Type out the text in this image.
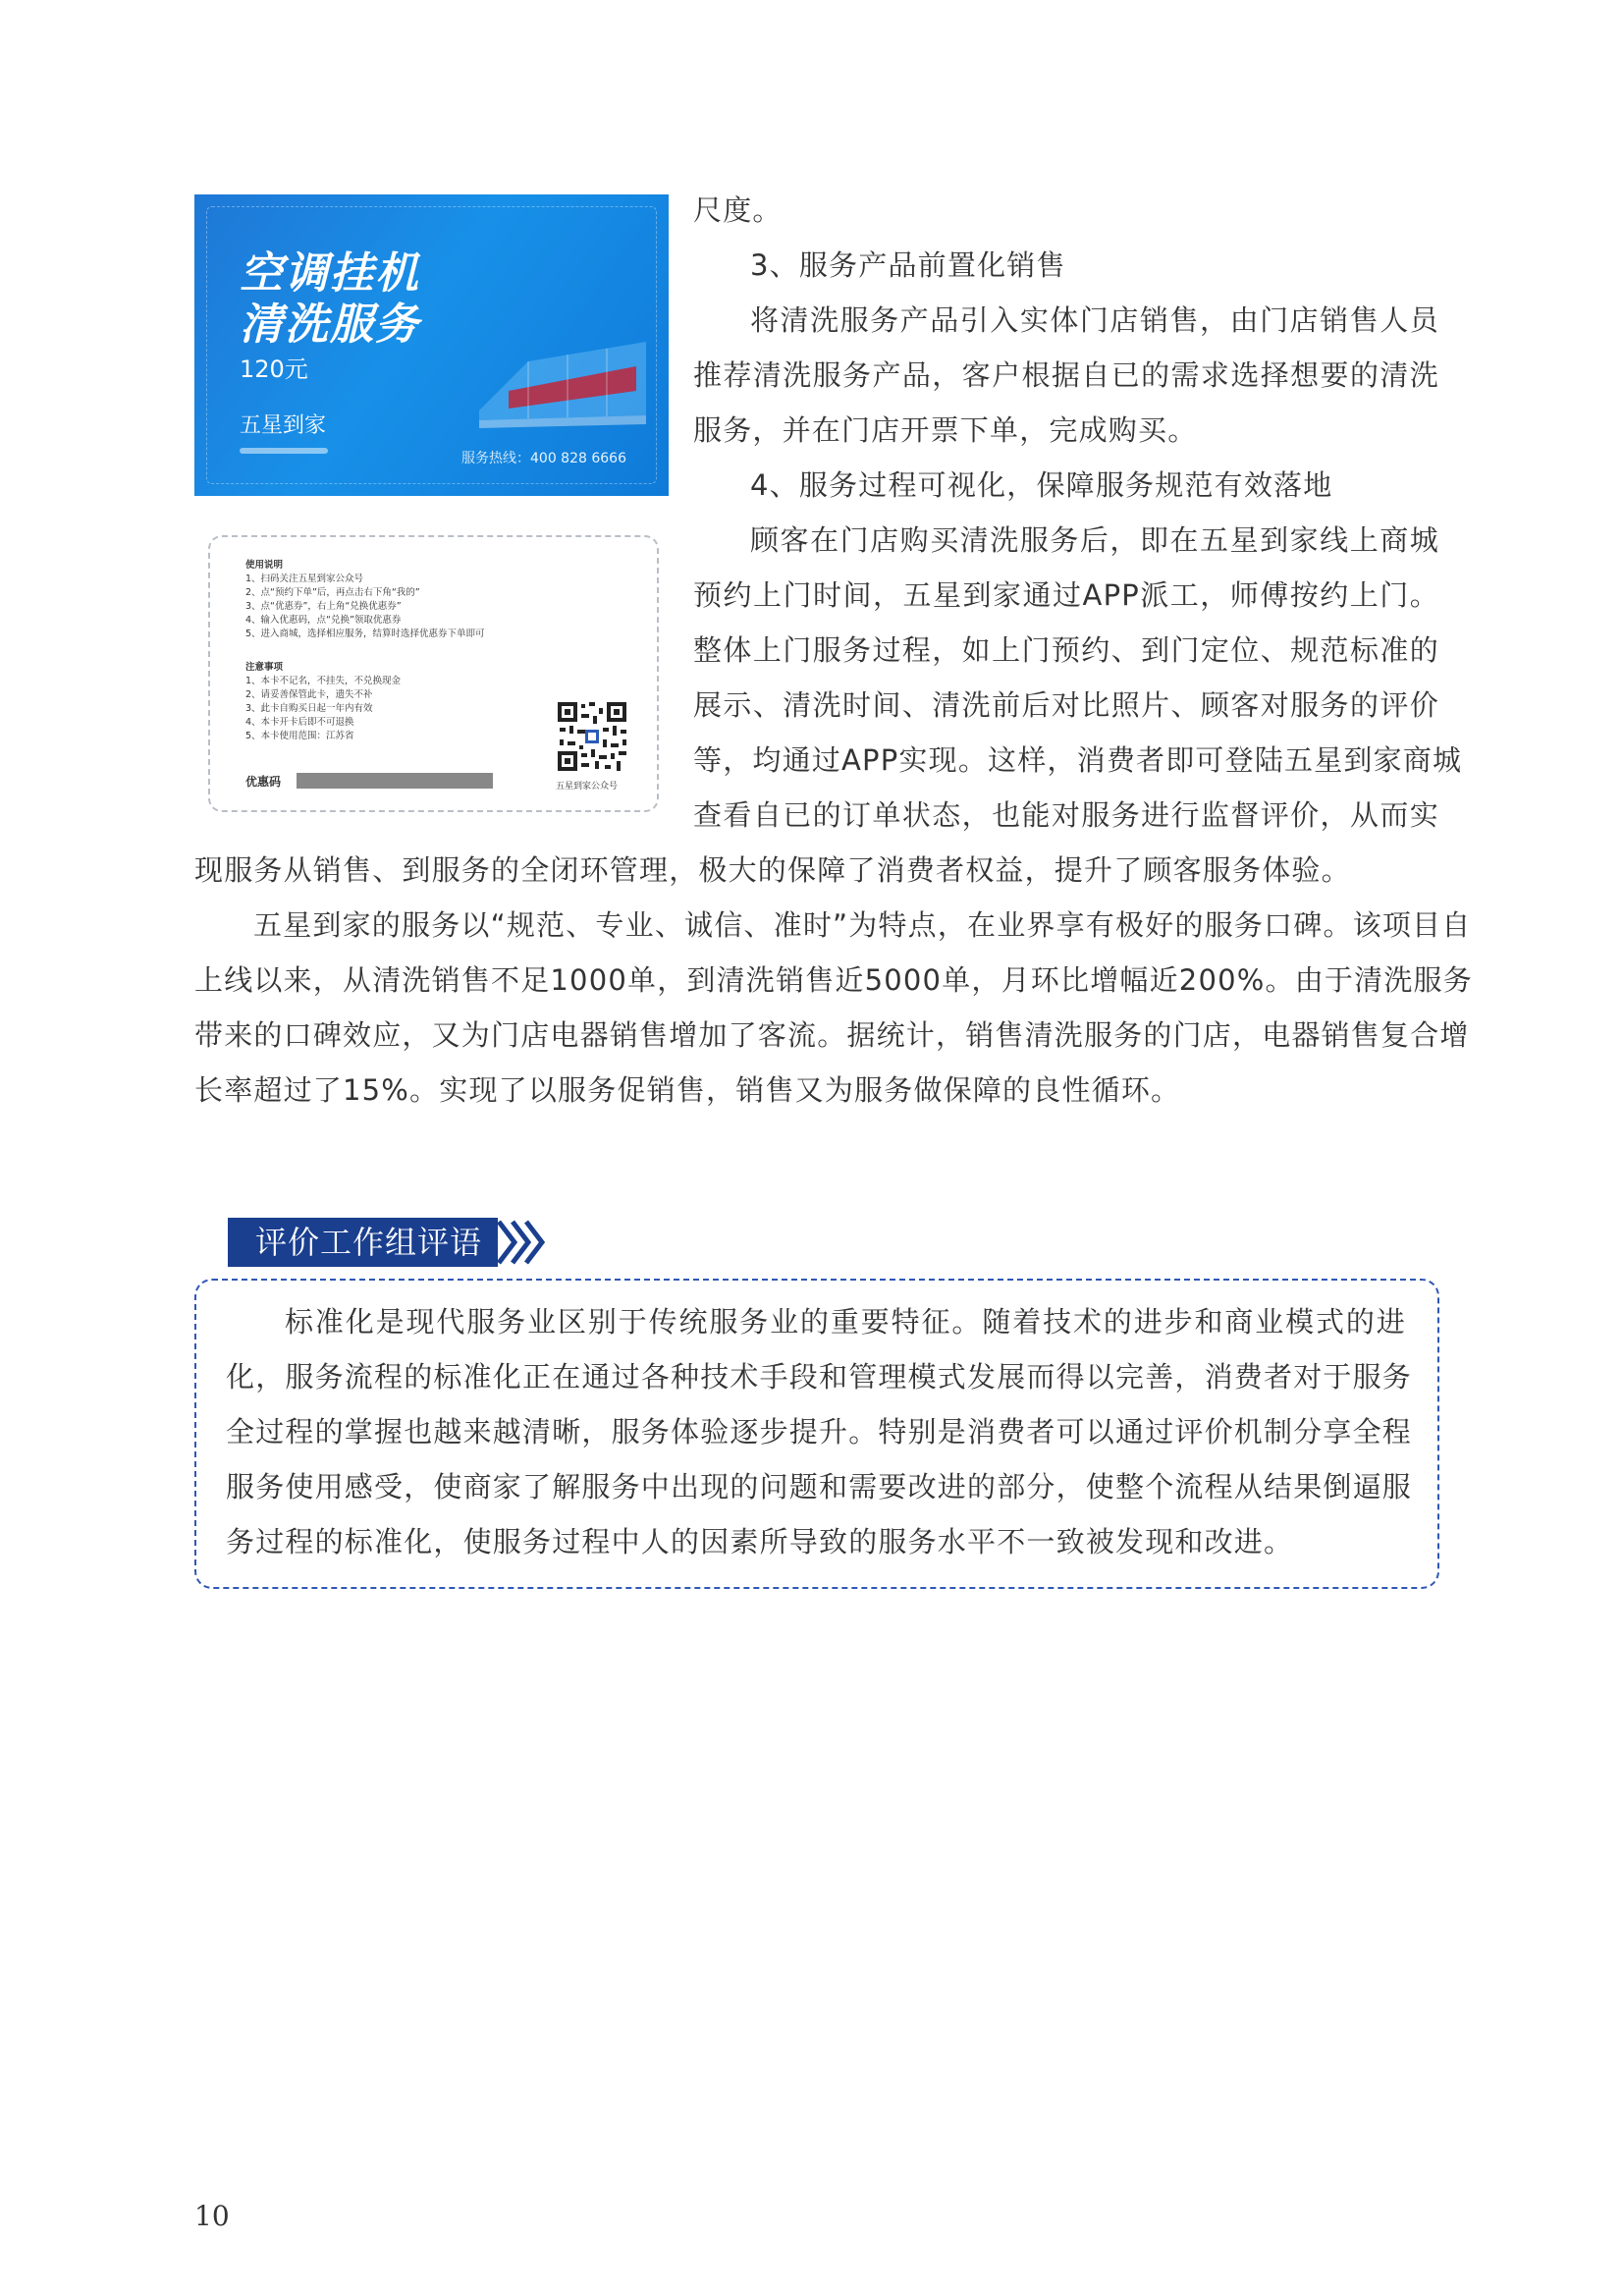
空调挂机
清洗服务
120元
五星到家
服务热线：400 828 6666
使用说明
1、扫码关注五星到家公众号
2、点“预约下单”后，再点击右下角“我的”
3、点“优惠券”，右上角“兑换优惠券”
4、输入优惠码，点“兑换”领取优惠券
5、进入商城，选择相应服务，结算时选择优惠券下单即可
注意事项
1、本卡不记名，不挂失，不兑换现金
2、请妥善保管此卡，遗失不补
3、此卡自购买日起一年内有效
4、本卡开卡后即不可退换
5、本卡使用范围：江苏省
五星到家公众号
优惠码

尺度。

3、服务产品前置化销售

将清洗服务产品引入实体门店销售，由门店销售人员

推荐清洗服务产品，客户根据自已的需求选择想要的清洗

服务，并在门店开票下单，完成购买。

4、服务过程可视化，保障服务规范有效落地

顾客在门店购买清洗服务后，即在五星到家线上商城

预约上门时间，五星到家通过APP派工，师傅按约上门。

整体上门服务过程，如上门预约、到门定位、规范标准的

展示、清洗时间、清洗前后对比照片、顾客对服务的评价

等，均通过APP实现。这样，消费者即可登陆五星到家商城

查看自已的订单状态，也能对服务进行监督评价，从而实

现服务从销售、到服务的全闭环管理，极大的保障了消费者权益，提升了顾客服务体验。

五星到家的服务以“规范、专业、诚信、准时”为特点，在业界享有极好的服务口碑。该项目自

上线以来，从清洗销售不足1000单，到清洗销售近5000单，月环比增幅近200%。由于清洗服务

带来的口碑效应，又为门店电器销售增加了客流。据统计，销售清洗服务的门店，电器销售复合增

长率超过了15%。实现了以服务促销售，销售又为服务做保障的良性循环。

评价工作组评语

标准化是现代服务业区别于传统服务业的重要特征。随着技术的进步和商业模式的进

化，服务流程的标准化正在通过各种技术手段和管理模式发展而得以完善，消费者对于服务

全过程的掌握也越来越清晰，服务体验逐步提升。特别是消费者可以通过评价机制分享全程

服务使用感受，使商家了解服务中出现的问题和需要改进的部分，使整个流程从结果倒逼服

务过程的标准化，使服务过程中人的因素所导致的服务水平不一致被发现和改进。

10
